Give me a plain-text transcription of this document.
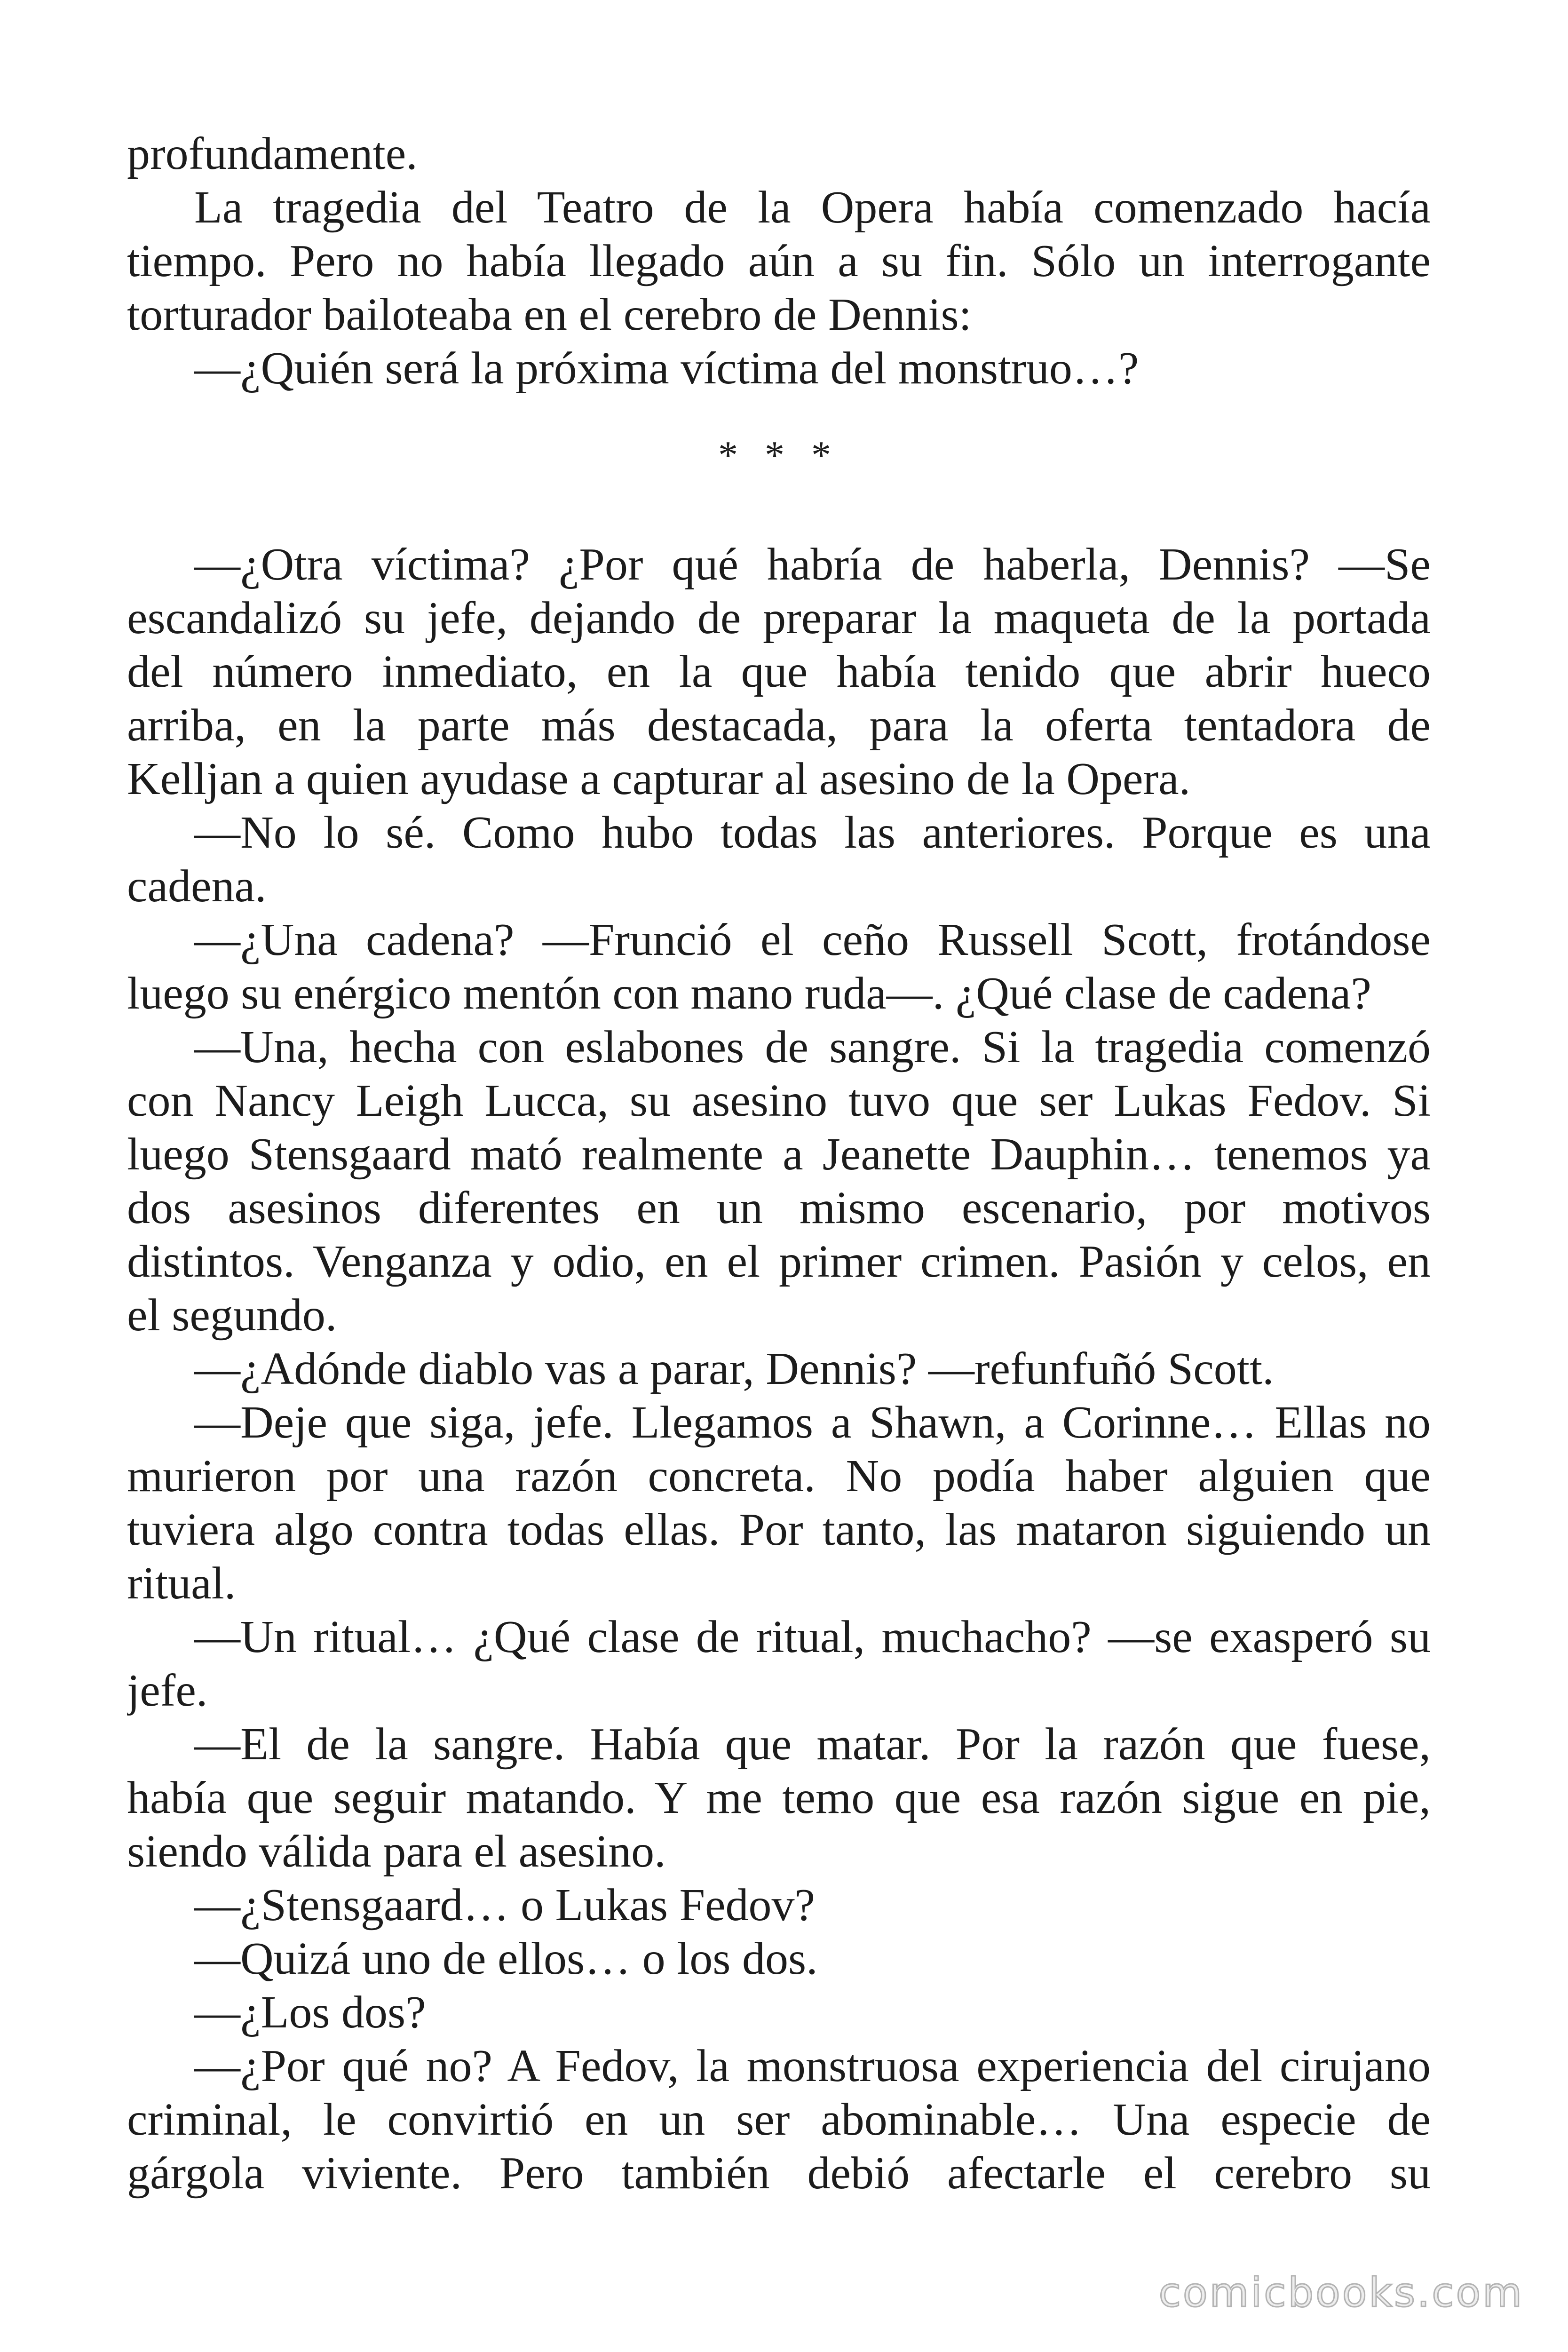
profundamente.
La tragedia del Teatro de la Opera había comenzado hacía
tiempo. Pero no había llegado aún a su fin. Sólo un interrogante
torturador bailoteaba en el cerebro de Dennis:
—¿Quién será la próxima víctima del monstruo…?
* * *
—¿Otra víctima? ¿Por qué habría de haberla, Dennis? —Se
escandalizó su jefe, dejando de preparar la maqueta de la portada
del número inmediato, en la que había tenido que abrir hueco
arriba, en la parte más destacada, para la oferta tentadora de
Kelljan a quien ayudase a capturar al asesino de la Opera.
—No lo sé. Como hubo todas las anteriores. Porque es una
cadena.
—¿Una cadena? —Frunció el ceño Russell Scott, frotándose
luego su enérgico mentón con mano ruda—. ¿Qué clase de cadena?
—Una, hecha con eslabones de sangre. Si la tragedia comenzó
con Nancy Leigh Lucca, su asesino tuvo que ser Lukas Fedov. Si
luego Stensgaard mató realmente a Jeanette Dauphin… tenemos ya
dos asesinos diferentes en un mismo escenario, por motivos
distintos. Venganza y odio, en el primer crimen. Pasión y celos, en
el segundo.
—¿Adónde diablo vas a parar, Dennis? —refunfuñó Scott.
—Deje que siga, jefe. Llegamos a Shawn, a Corinne… Ellas no
murieron por una razón concreta. No podía haber alguien que
tuviera algo contra todas ellas. Por tanto, las mataron siguiendo un
ritual.
—Un ritual… ¿Qué clase de ritual, muchacho? —se exasperó su
jefe.
—El de la sangre. Había que matar. Por la razón que fuese,
había que seguir matando. Y me temo que esa razón sigue en pie,
siendo válida para el asesino.
—¿Stensgaard… o Lukas Fedov?
—Quizá uno de ellos… o los dos.
—¿Los dos?
—¿Por qué no? A Fedov, la monstruosa experiencia del cirujano
criminal, le convirtió en un ser abominable… Una especie de
gárgola viviente. Pero también debió afectarle el cerebro su
comicbooks.com
